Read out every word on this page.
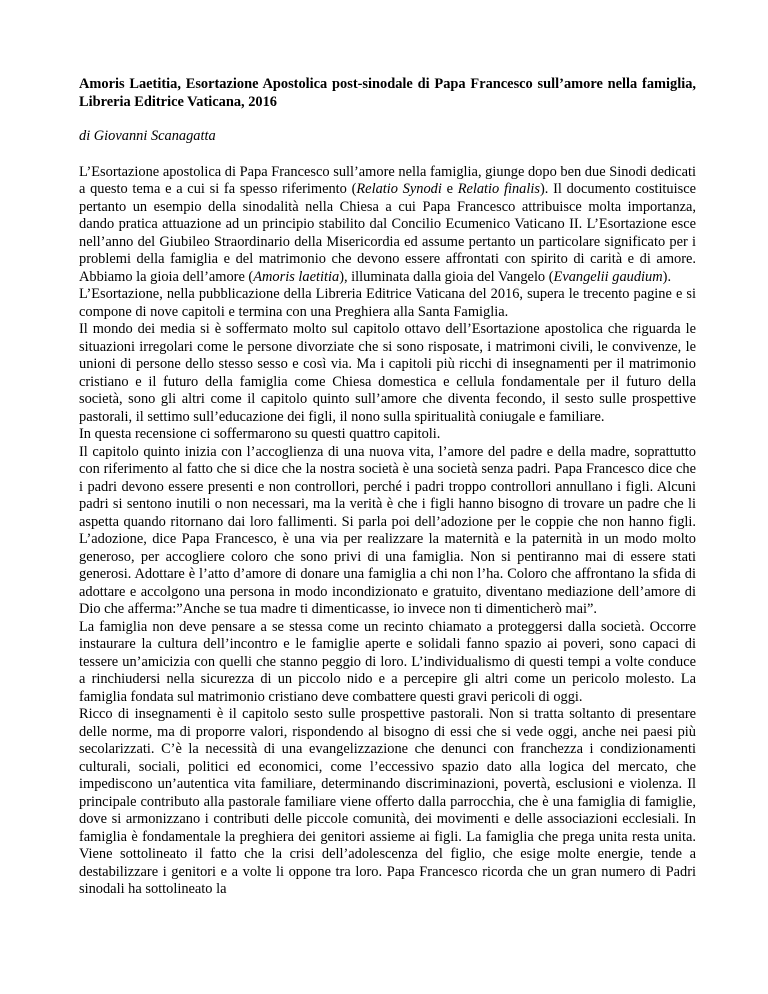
Amoris Laetitia, Esortazione Apostolica post-sinodale di Papa Francesco sull’amore nella famiglia, Libreria Editrice Vaticana, 2016

di Giovanni Scanagatta

L’Esortazione apostolica di Papa Francesco sull’amore nella famiglia, giunge dopo ben due Sinodi dedicati a questo tema e a cui si fa spesso riferimento (Relatio Synodi e Relatio finalis). Il documento costituisce pertanto un esempio della sinodalità nella Chiesa a cui Papa Francesco attribuisce molta importanza, dando pratica attuazione ad un principio stabilito dal Concilio Ecumenico Vaticano II. L’Esortazione esce nell’anno del Giubileo Straordinario della Misericordia ed assume pertanto un particolare significato per i problemi della famiglia e del matrimonio che devono essere affrontati con spirito di carità e di amore. Abbiamo la gioia dell’amore (Amoris laetitia), illuminata dalla gioia del Vangelo (Evangelii gaudium).

L’Esortazione, nella pubblicazione della Libreria Editrice Vaticana del 2016, supera le trecento pagine e si compone di nove capitoli e termina con una Preghiera alla Santa Famiglia.

Il mondo dei media si è soffermato molto sul capitolo ottavo dell’Esortazione apostolica che riguarda le situazioni irregolari come le persone divorziate che si sono risposate, i matrimoni civili, le convivenze, le unioni di persone dello stesso sesso e così via. Ma i capitoli più ricchi di insegnamenti per il matrimonio cristiano e il futuro della famiglia come Chiesa domestica e cellula fondamentale per il futuro della società, sono gli altri come il capitolo quinto sull’amore che diventa fecondo, il sesto sulle prospettive pastorali, il settimo sull’educazione dei figli, il nono sulla spiritualità coniugale e familiare.

In questa recensione ci soffermarono su questi quattro capitoli.

Il capitolo quinto inizia con l’accoglienza di una nuova vita, l’amore del padre e della madre, soprattutto con riferimento al fatto che si dice che la nostra società è una società senza padri. Papa Francesco dice che i padri devono essere presenti e non controllori, perché i padri troppo controllori annullano i figli. Alcuni padri si sentono inutili o non necessari, ma la verità è che i figli hanno bisogno di trovare un padre che li aspetta quando ritornano dai loro fallimenti. Si parla poi dell’adozione per le coppie che non hanno figli. L’adozione, dice Papa Francesco, è una via per realizzare la maternità e la paternità in un modo molto generoso, per accogliere coloro che sono privi di una famiglia. Non si pentiranno mai di essere stati generosi. Adottare è l’atto d’amore di donare una famiglia a chi non l’ha. Coloro che affrontano la sfida di adottare e accolgono una persona in modo incondizionato e gratuito, diventano mediazione dell’amore di Dio che afferma:”Anche se tua madre ti dimenticasse, io invece non ti dimenticherò mai”.

La famiglia non deve pensare a se stessa come un recinto chiamato a proteggersi dalla società. Occorre instaurare la cultura dell’incontro e le famiglie aperte e solidali fanno spazio ai poveri, sono capaci di tessere un’amicizia con quelli che stanno peggio di loro. L’individualismo di questi tempi a volte conduce a rinchiudersi nella sicurezza di un piccolo nido e a percepire gli altri come un pericolo molesto. La famiglia fondata sul matrimonio cristiano deve combattere questi gravi pericoli di oggi.

Ricco di insegnamenti è il capitolo sesto sulle prospettive pastorali. Non si tratta soltanto di presentare delle norme, ma di proporre valori, rispondendo al bisogno di essi che si vede oggi, anche nei paesi più secolarizzati. C’è la necessità di una evangelizzazione che denunci con franchezza i condizionamenti culturali, sociali, politici ed economici, come l’eccessivo spazio dato alla logica del mercato, che impediscono un’autentica vita familiare, determinando discriminazioni, povertà, esclusioni e violenza. Il principale contributo alla pastorale familiare viene offerto dalla parrocchia, che è una famiglia di famiglie, dove si armonizzano i contributi delle piccole comunità, dei movimenti e delle associazioni ecclesiali. In famiglia è fondamentale la preghiera dei genitori assieme ai figli. La famiglia che prega unita resta unita. Viene sottolineato il fatto che la crisi dell’adolescenza del figlio, che esige molte energie, tende a destabilizzare i genitori e a volte li oppone tra loro. Papa Francesco ricorda che un gran numero di Padri sinodali ha sottolineato la
